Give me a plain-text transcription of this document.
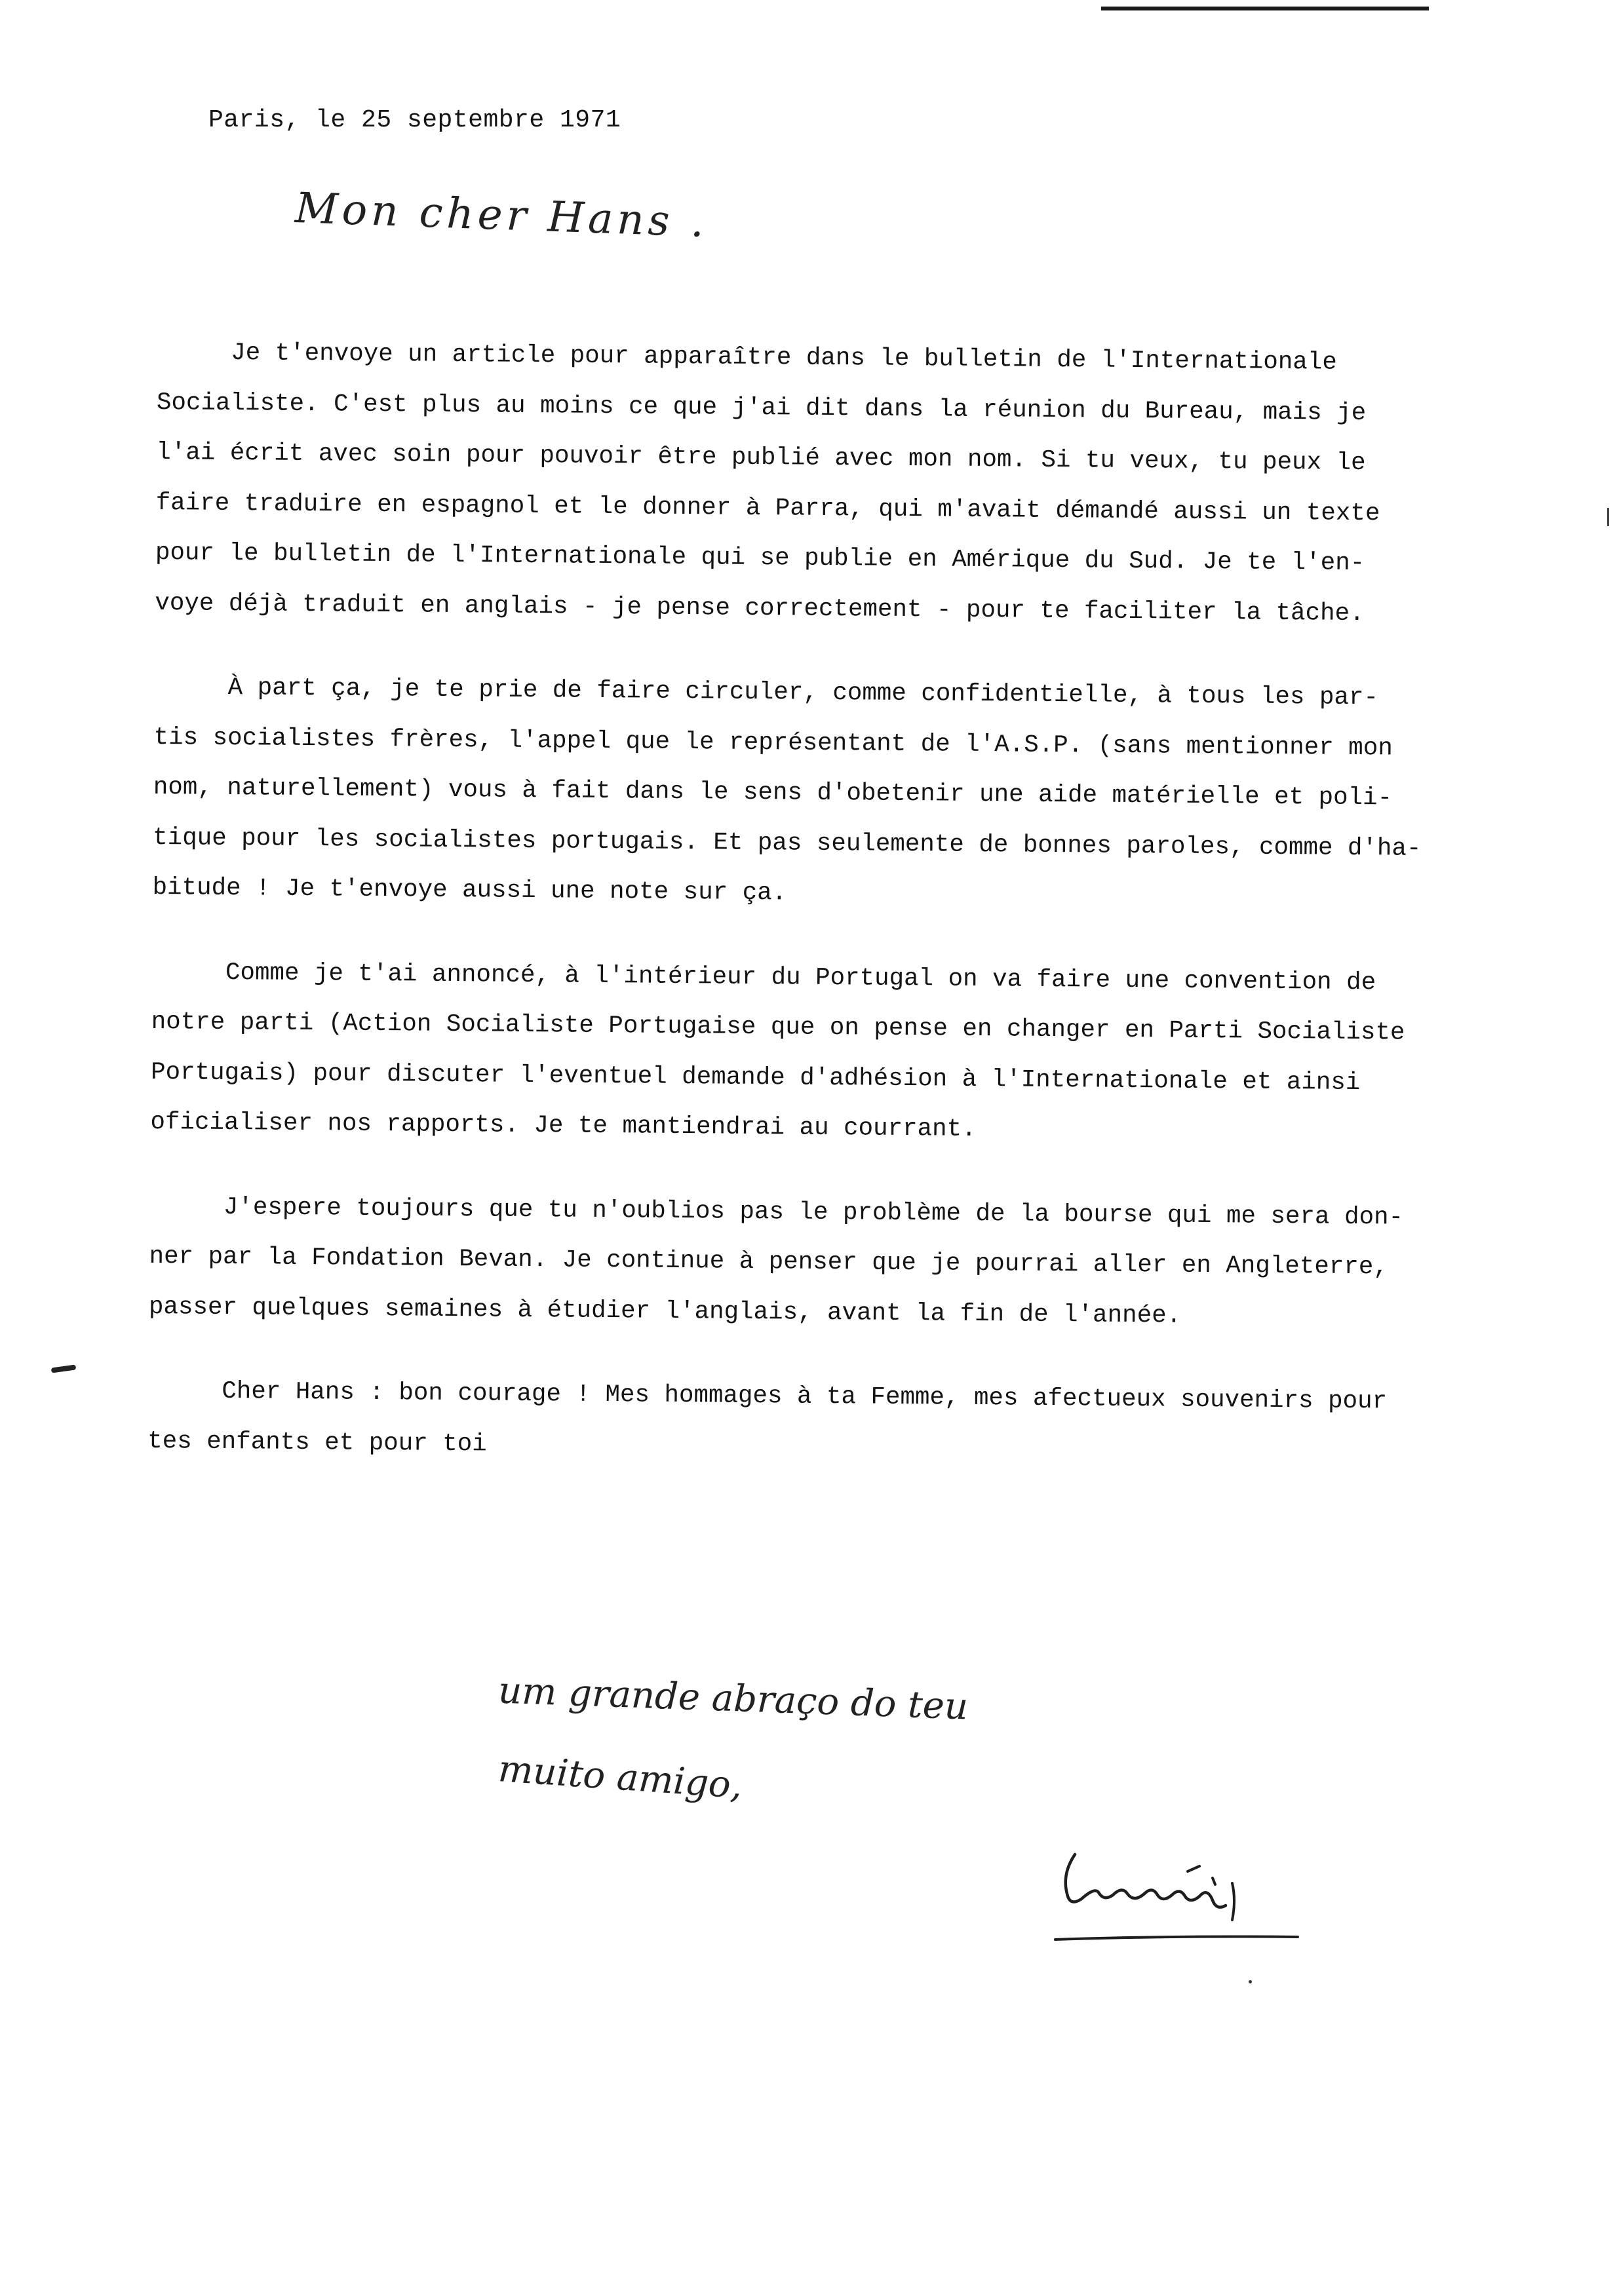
Paris, le 25 septembre 1971
Mon cher Hans .
Je t'envoye un article pour apparaître dans le bulletin de l'Internationale
Socialiste. C'est plus au moins ce que j'ai dit dans la réunion du Bureau, mais je
l'ai écrit avec soin pour pouvoir être publié avec mon nom. Si tu veux, tu peux le
faire traduire en espagnol et le donner à Parra, qui m'avait démandé aussi un texte
pour le bulletin de l'Internationale qui se publie en Amérique du Sud. Je te l'en-
voye déjà traduit en anglais - je pense correctement - pour te faciliter la tâche.
À part ça, je te prie de faire circuler, comme confidentielle, à tous les par-
tis socialistes frères, l'appel que le représentant de l'A.S.P. (sans mentionner mon
nom, naturellement) vous à fait dans le sens d'obetenir une aide matérielle et poli-
tique pour les socialistes portugais. Et pas seulemente de bonnes paroles, comme d'ha-
bitude ! Je t'envoye aussi une note sur ça.
Comme je t'ai annoncé, à l'intérieur du Portugal on va faire une convention de
notre parti (Action Socialiste Portugaise que on pense en changer en Parti Socialiste
Portugais) pour discuter l'eventuel demande d'adhésion à l'Internationale et ainsi
oficialiser nos rapports. Je te mantiendrai au courrant.
J'espere toujours que tu n'oublios pas le problème de la bourse qui me sera don-
ner par la Fondation Bevan. Je continue à penser que je pourrai aller en Angleterre,
passer quelques semaines à étudier l'anglais, avant la fin de l'année.
Cher Hans : bon courage ! Mes hommages à ta Femme, mes afectueux souvenirs pour
tes enfants et pour toi
um grande abraço do teu
muito amigo,
